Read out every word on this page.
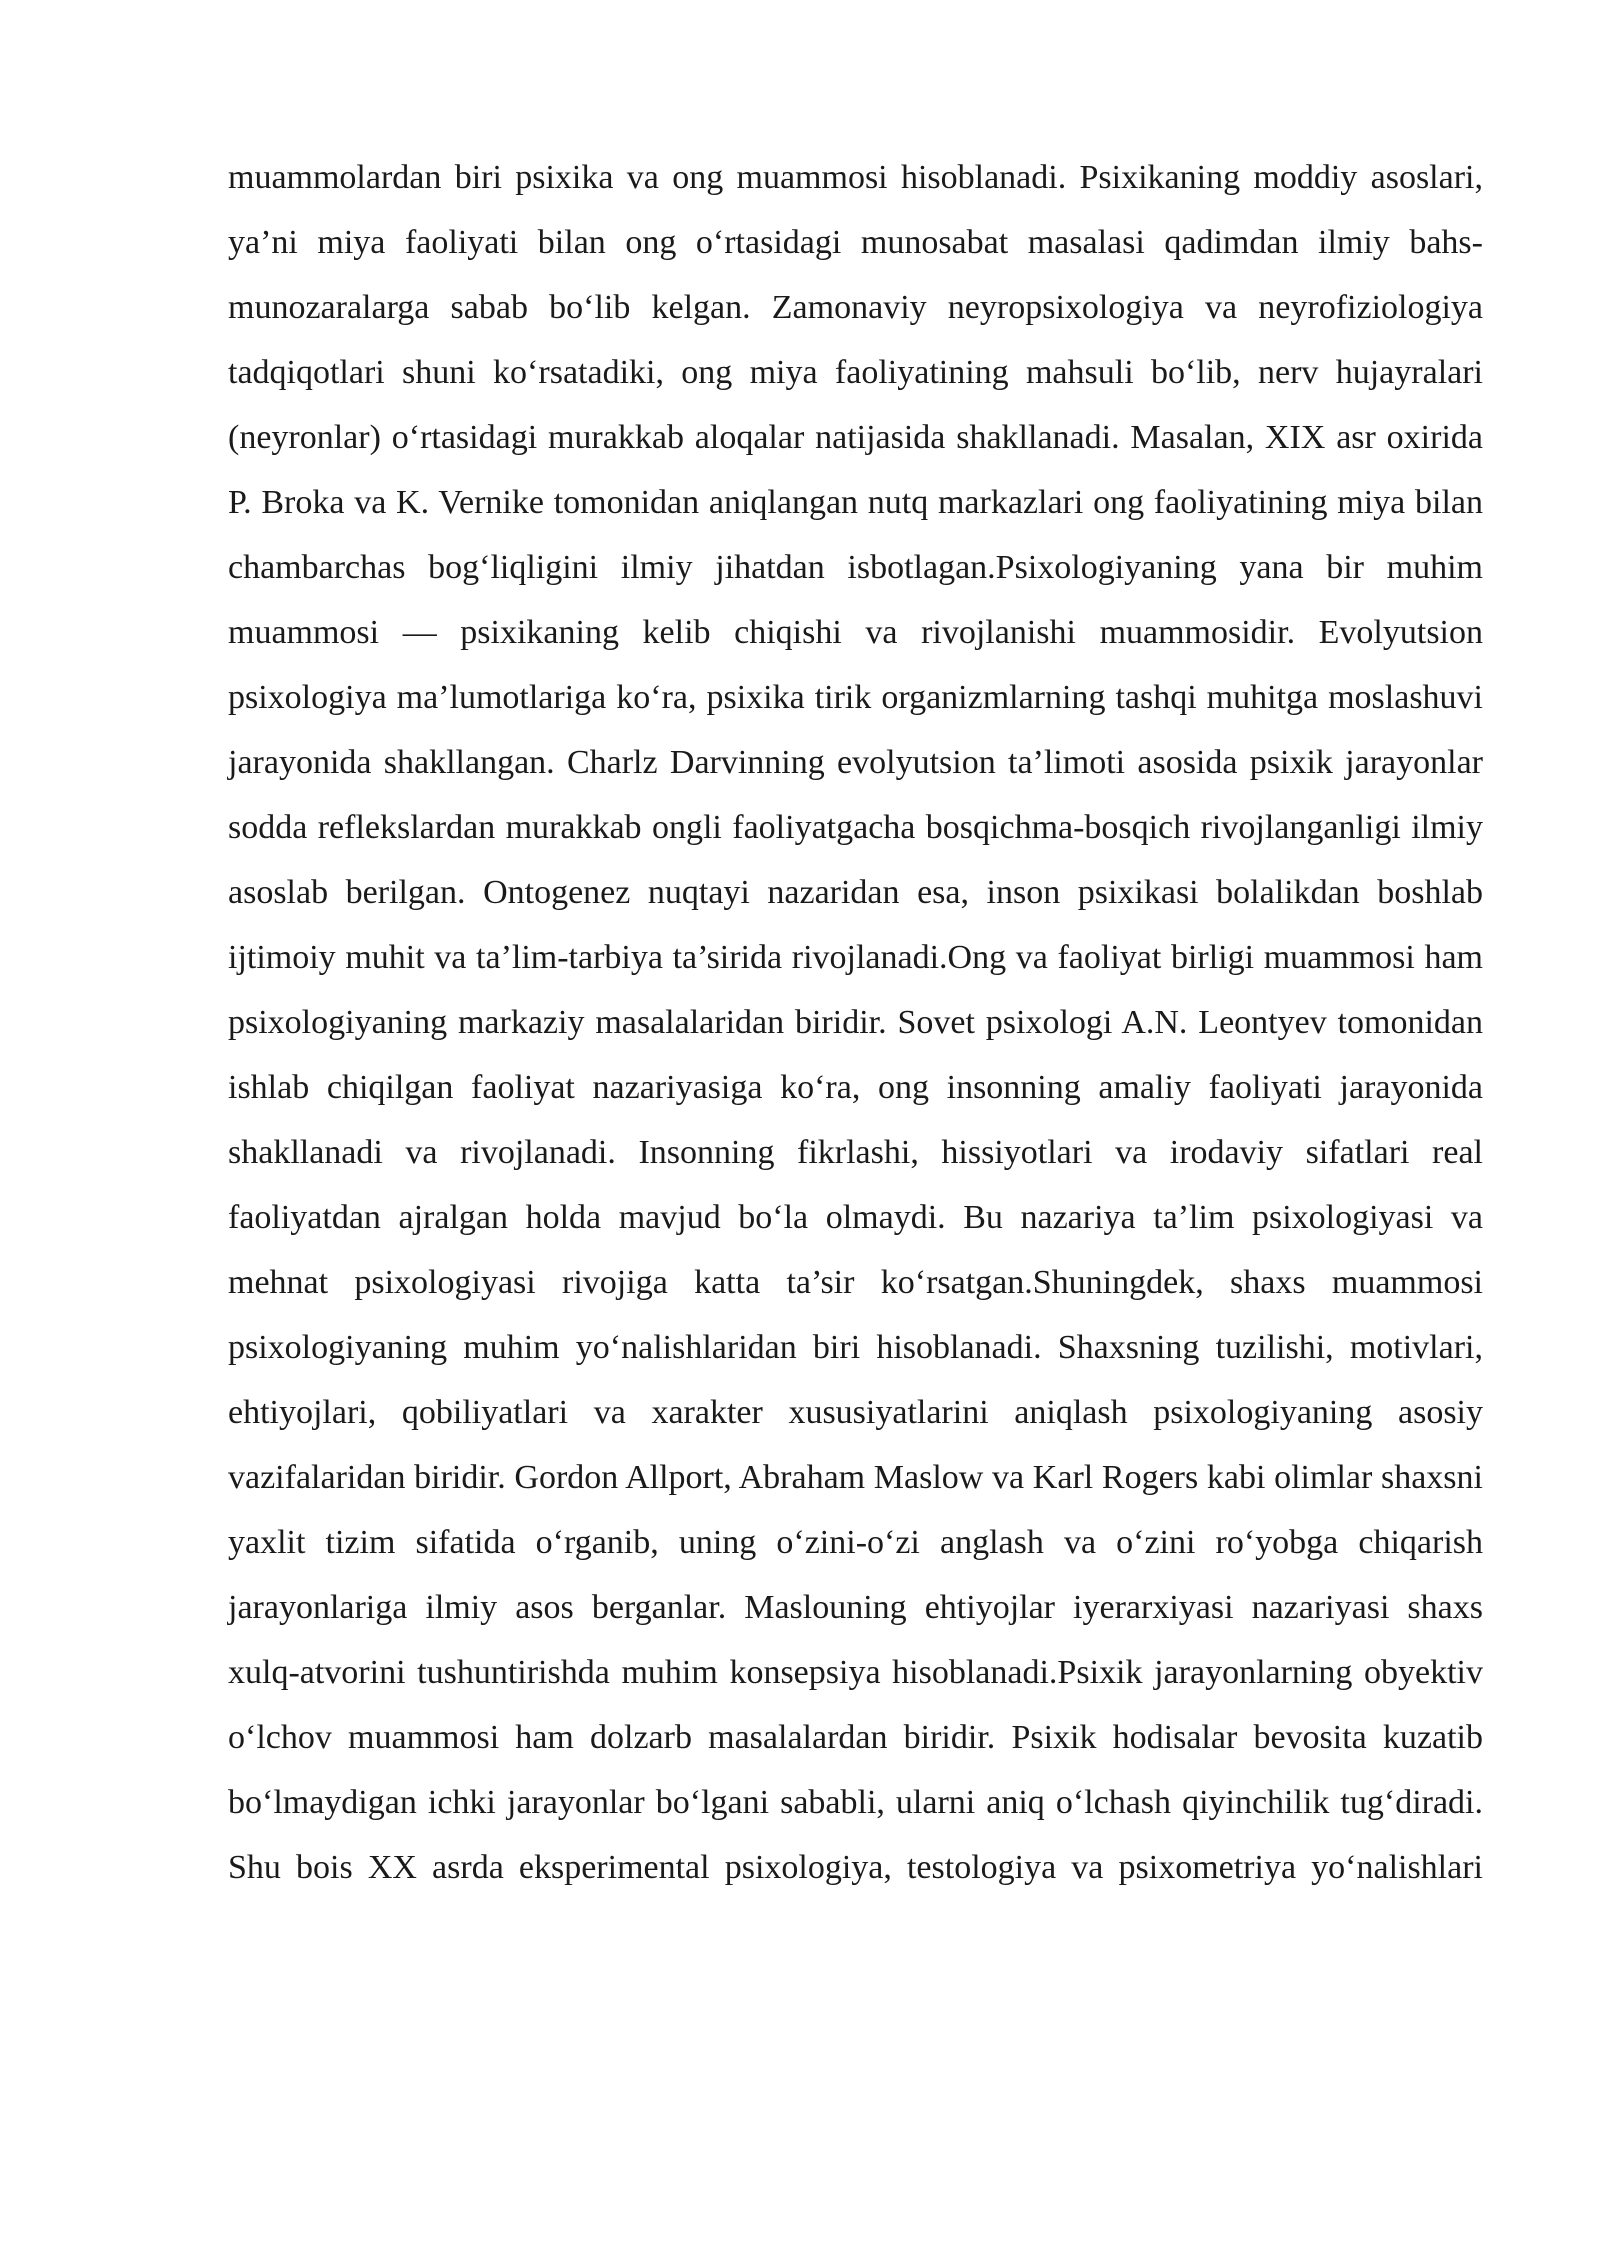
muammolardan biri psixika va ong muammosi hisoblanadi. Psixikaning moddiy asoslari, ya’ni miya faoliyati bilan ong o‘rtasidagi munosabat masalasi qadimdan ilmiy bahs-munozaralarga sabab bo‘lib kelgan. Zamonaviy neyropsixologiya va neyrofiziologiya tadqiqotlari shuni ko‘rsatadiki, ong miya faoliyatining mahsuli bo‘lib, nerv hujayralari (neyronlar) o‘rtasidagi murakkab aloqalar natijasida shakllanadi. Masalan, XIX asr oxirida P. Broka va K. Vernike tomonidan aniqlangan nutq markazlari ong faoliyatining miya bilan chambarchas bog‘liqligini ilmiy jihatdan isbotlagan.Psixologiyaning yana bir muhim muammosi — psixikaning kelib chiqishi va rivojlanishi muammosidir. Evolyutsion psixologiya ma’lumotlariga ko‘ra, psixika tirik organizmlarning tashqi muhitga moslashuvi jarayonida shakllangan. Charlz Darvinning evolyutsion ta’limoti asosida psixik jarayonlar sodda reflekslardan murakkab ongli faoliyatgacha bosqichma-bosqich rivojlanganligi ilmiy asoslab berilgan. Ontogenez nuqtayi nazaridan esa, inson psixikasi bolalikdan boshlab ijtimoiy muhit va ta’lim-tarbiya ta’sirida rivojlanadi.Ong va faoliyat birligi muammosi ham psixologiyaning markaziy masalalaridan biridir. Sovet psixologi A.N. Leontyev tomonidan ishlab chiqilgan faoliyat nazariyasiga ko‘ra, ong insonning amaliy faoliyati jarayonida shakllanadi va rivojlanadi. Insonning fikrlashi, hissiyotlari va irodaviy sifatlari real faoliyatdan ajralgan holda mavjud bo‘la olmaydi. Bu nazariya ta’lim psixologiyasi va mehnat psixologiyasi rivojiga katta ta’sir ko‘rsatgan.Shuningdek, shaxs muammosi psixologiyaning muhim yo‘nalishlaridan biri hisoblanadi. Shaxsning tuzilishi, motivlari, ehtiyojlari, qobiliyatlari va xarakter xususiyatlarini aniqlash psixologiyaning asosiy vazifalaridan biridir. Gordon Allport, Abraham Maslow va Karl Rogers kabi olimlar shaxsni yaxlit tizim sifatida o‘rganib, uning o‘zini-o‘zi anglash va o‘zini ro‘yobga chiqarish jarayonlariga ilmiy asos berganlar. Maslouning ehtiyojlar iyerarxiyasi nazariyasi shaxs xulq-atvorini tushuntirishda muhim konsepsiya hisoblanadi.Psixik jarayonlarning obyektiv o‘lchov muammosi ham dolzarb masalalardan biridir. Psixik hodisalar bevosita kuzatib bo‘lmaydigan ichki jarayonlar bo‘lgani sababli, ularni aniq o‘lchash qiyinchilik tug‘diradi. Shu bois XX asrda eksperimental psixologiya, testologiya va psixometriya yo‘nalishlari
